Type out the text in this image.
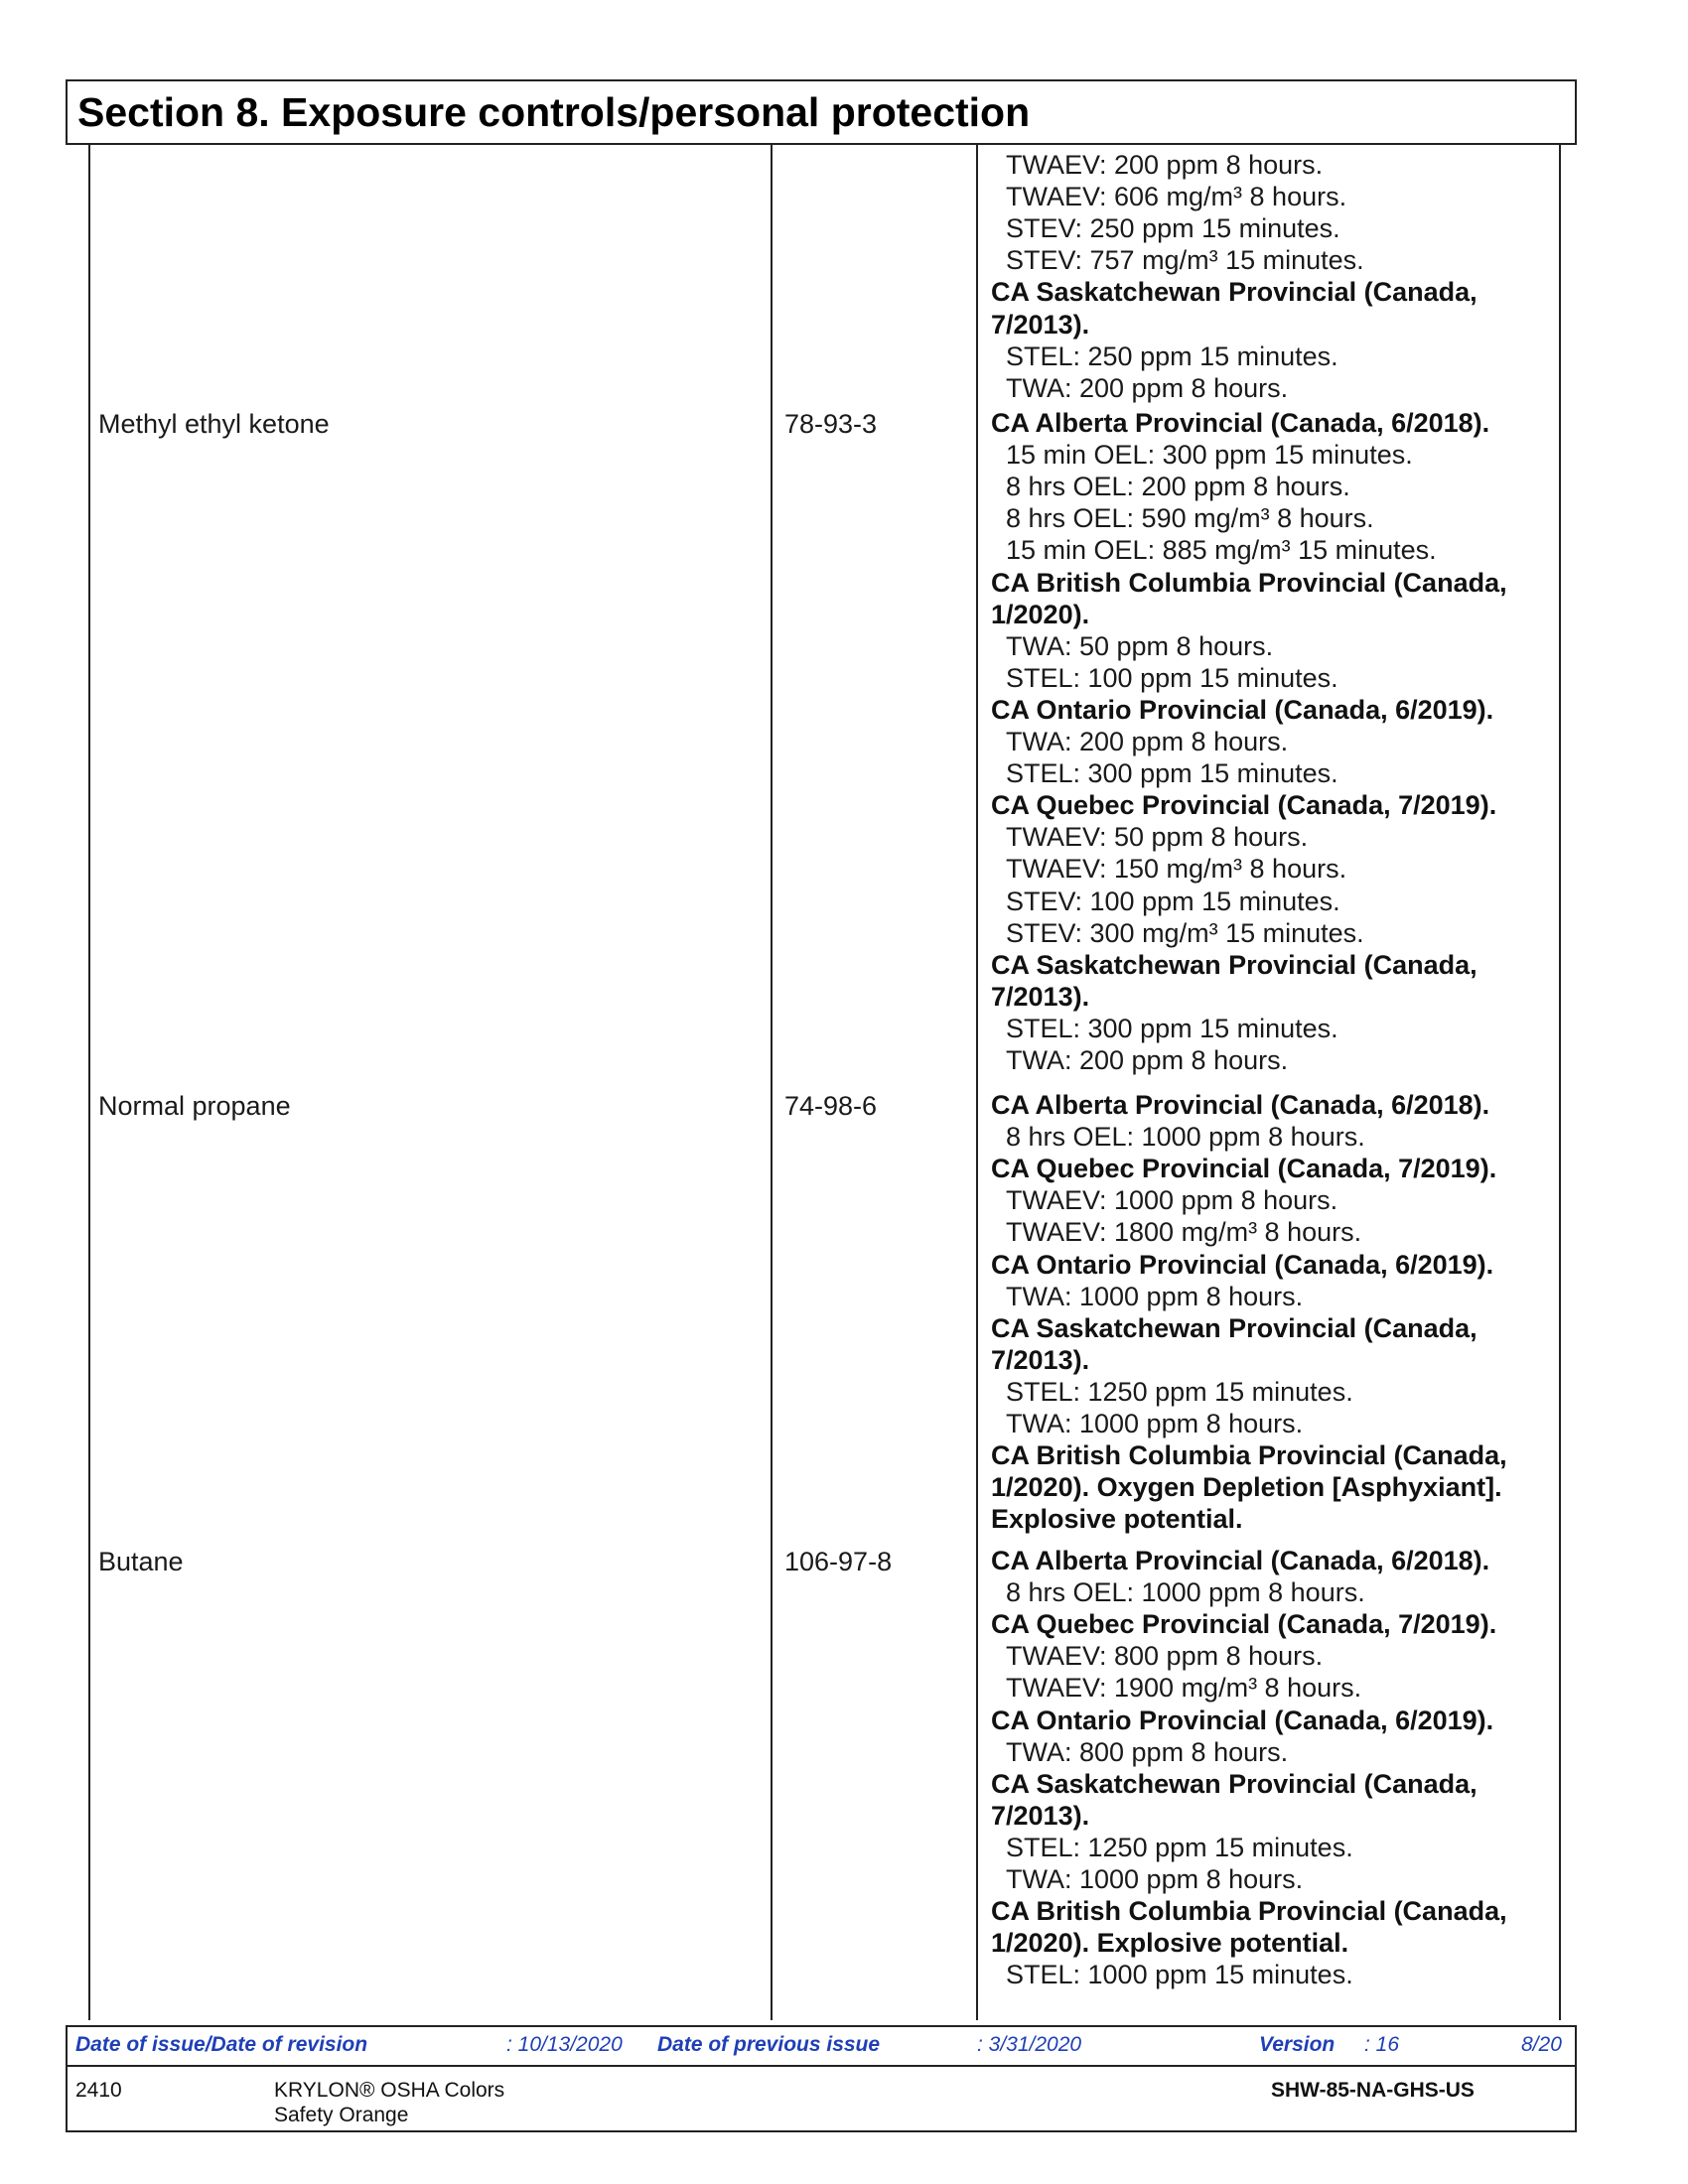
Section 8. Exposure controls/personal protection
TWAEV: 200 ppm 8 hours.
TWAEV: 606 mg/m³ 8 hours.
STEV: 250 ppm 15 minutes.
STEV: 757 mg/m³ 15 minutes.
CA Saskatchewan Provincial (Canada,
7/2013).
STEL: 250 ppm 15 minutes.
TWA: 200 ppm 8 hours.
Methyl ethyl ketone	78-93-3	CA Alberta Provincial (Canada, 6/2018).
15 min OEL: 300 ppm 15 minutes.
8 hrs OEL: 200 ppm 8 hours.
8 hrs OEL: 590 mg/m³ 8 hours.
15 min OEL: 885 mg/m³ 15 minutes.
CA British Columbia Provincial (Canada,
1/2020).
TWA: 50 ppm 8 hours.
STEL: 100 ppm 15 minutes.
CA Ontario Provincial (Canada, 6/2019).
TWA: 200 ppm 8 hours.
STEL: 300 ppm 15 minutes.
CA Quebec Provincial (Canada, 7/2019).
TWAEV: 50 ppm 8 hours.
TWAEV: 150 mg/m³ 8 hours.
STEV: 100 ppm 15 minutes.
STEV: 300 mg/m³ 15 minutes.
CA Saskatchewan Provincial (Canada,
7/2013).
STEL: 300 ppm 15 minutes.
TWA: 200 ppm 8 hours.
Normal propane	74-98-6	CA Alberta Provincial (Canada, 6/2018).
8 hrs OEL: 1000 ppm 8 hours.
CA Quebec Provincial (Canada, 7/2019).
TWAEV: 1000 ppm 8 hours.
TWAEV: 1800 mg/m³ 8 hours.
CA Ontario Provincial (Canada, 6/2019).
TWA: 1000 ppm 8 hours.
CA Saskatchewan Provincial (Canada,
7/2013).
STEL: 1250 ppm 15 minutes.
TWA: 1000 ppm 8 hours.
CA British Columbia Provincial (Canada,
1/2020). Oxygen Depletion [Asphyxiant].
Explosive potential.
Butane	106-97-8	CA Alberta Provincial (Canada, 6/2018).
8 hrs OEL: 1000 ppm 8 hours.
CA Quebec Provincial (Canada, 7/2019).
TWAEV: 800 ppm 8 hours.
TWAEV: 1900 mg/m³ 8 hours.
CA Ontario Provincial (Canada, 6/2019).
TWA: 800 ppm 8 hours.
CA Saskatchewan Provincial (Canada,
7/2013).
STEL: 1250 ppm 15 minutes.
TWA: 1000 ppm 8 hours.
CA British Columbia Provincial (Canada,
1/2020). Explosive potential.
STEL: 1000 ppm 15 minutes.
Date of issue/Date of revision	: 10/13/2020 Date of previous issue	: 3/31/2020	Version : 16	8/20
2410	KRYLON® OSHA Colors
Safety Orange
SHW-85-NA-GHS-US
